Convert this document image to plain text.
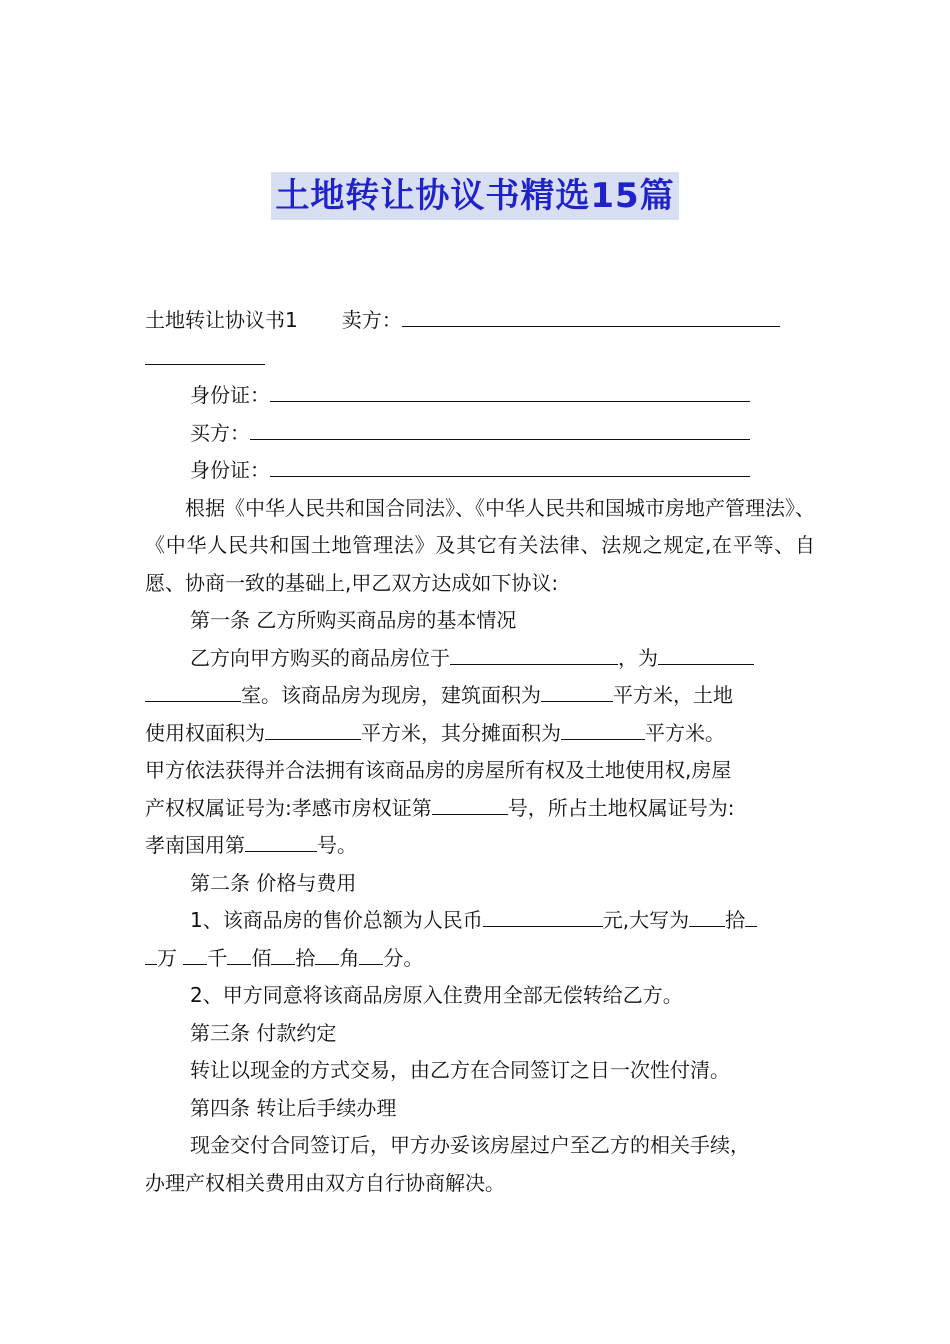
土地转让协议书精选15篇
土地转让协议书1 卖方：
身份证：
买方：
身份证：

根据《中华人民共和国合同法》、《中华人民共和国城市房地产管理法》、《中华人民共和国土地管理法》及其它有关法律、法规之规定,在平等、自愿、协商一致的基础上,甲乙双方达成如下协议:

第一条 乙方所购买商品房的基本情况
乙方向甲方购买的商品房位于	，为
室。该商品房为现房，建筑面积为	平方米，土地
使用权面积为	平方米，其分摊面积为	平方米。
甲方依法获得并合法拥有该商品房的房屋所有权及土地使用权,房屋
产权权属证号为:孝感市房权证第	号，所占土地权属证号为:
孝南国用第	号。
第二条 价格与费用
1、该商品房的售价总额为人民币	元,大写为 拾
万 千 佰 拾 角 分。
2、甲方同意将该商品房原入住费用全部无偿转给乙方。
第三条 付款约定
转让以现金的方式交易，由乙方在合同签订之日一次性付清。
第四条 转让后手续办理
现金交付合同签订后，甲方办妥该房屋过户至乙方的相关手续，
办理产权相关费用由双方自行协商解决。
